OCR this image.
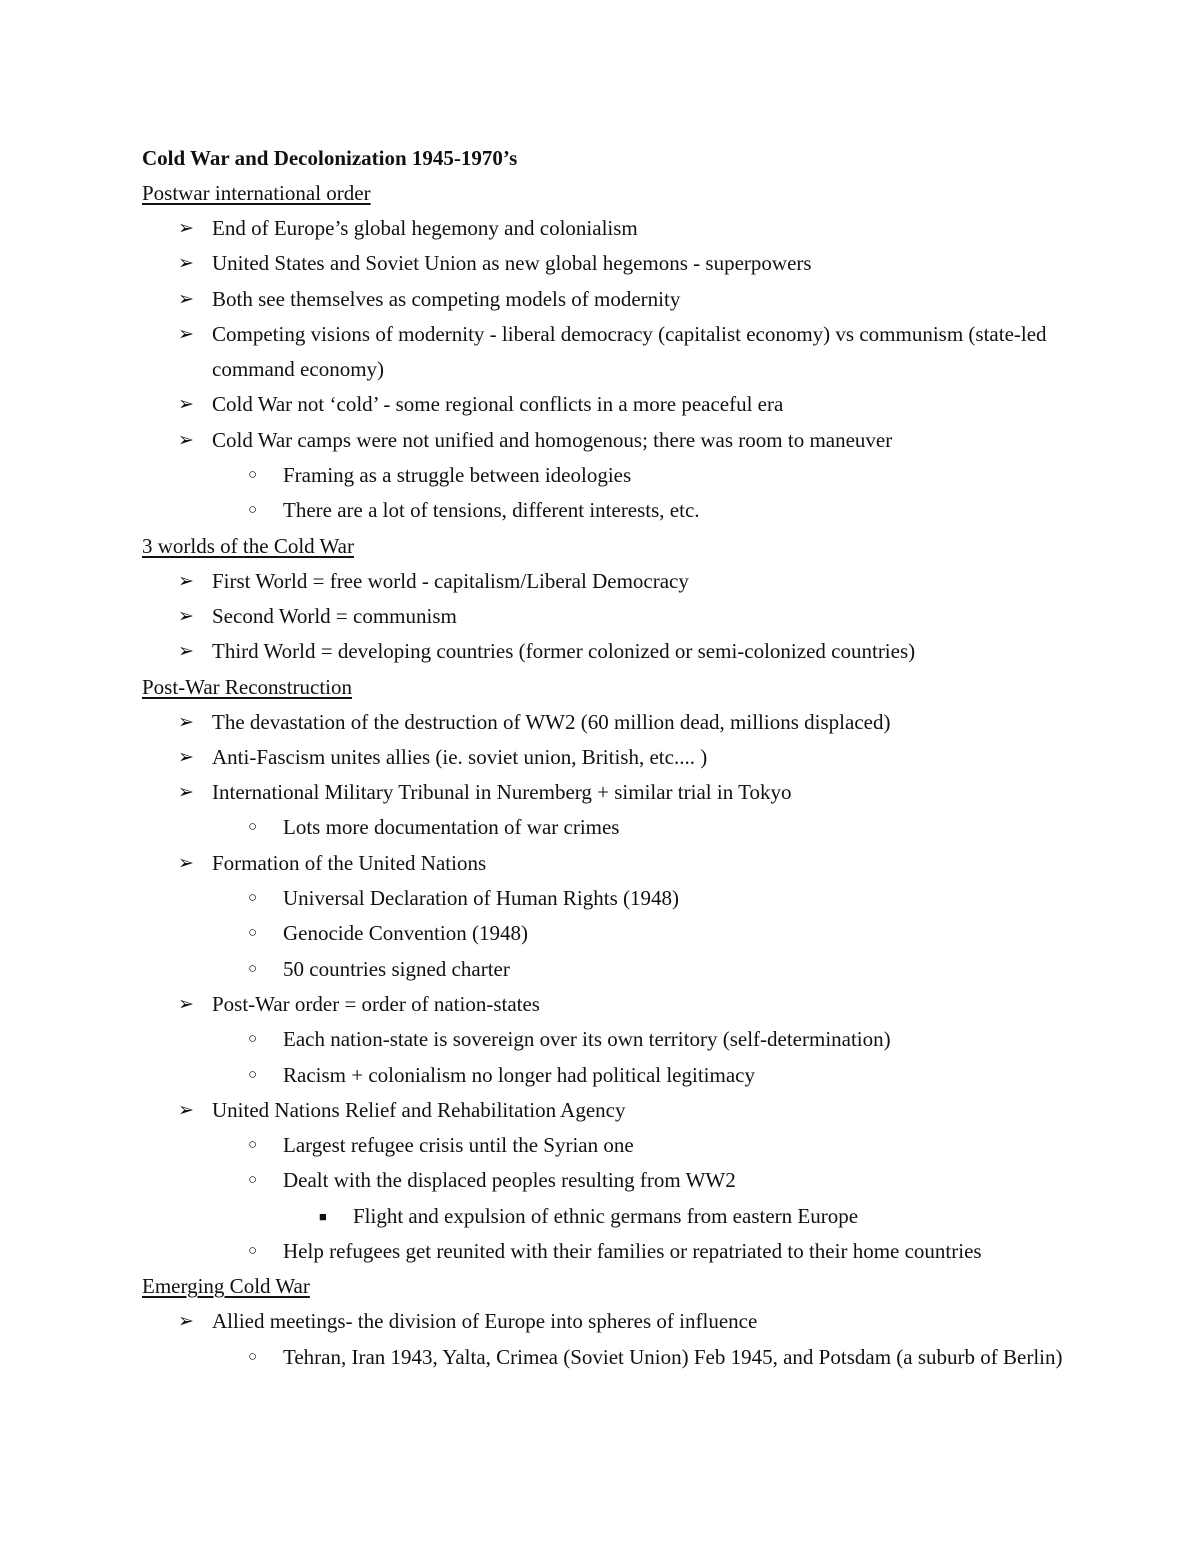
Cold War and Decolonization 1945-1970’s
Postwar international order
➢ End of Europe’s global hegemony and colonialism
➢ United States and Soviet Union as new global hegemons - superpowers
➢ Both see themselves as competing models of modernity
➢ Competing visions of modernity - liberal democracy (capitalist economy) vs communism (state-led command economy)
➢ Cold War not ‘cold’ - some regional conflicts in a more peaceful era
➢ Cold War camps were not unified and homogenous; there was room to maneuver
○ Framing as a struggle between ideologies
○ There are a lot of tensions, different interests, etc.
3 worlds of the Cold War
➢ First World = free world - capitalism/Liberal Democracy
➢ Second World = communism
➢ Third World = developing countries (former colonized or semi-colonized countries)
Post-War Reconstruction
➢ The devastation of the destruction of WW2 (60 million dead, millions displaced)
➢ Anti-Fascism unites allies (ie. soviet union, British, etc.... )
➢ International Military Tribunal in Nuremberg + similar trial in Tokyo
○ Lots more documentation of war crimes
➢ Formation of the United Nations
○ Universal Declaration of Human Rights (1948)
○ Genocide Convention (1948)
○ 50 countries signed charter
➢ Post-War order = order of nation-states
○ Each nation-state is sovereign over its own territory (self-determination)
○ Racism + colonialism no longer had political legitimacy
➢ United Nations Relief and Rehabilitation Agency
○ Largest refugee crisis until the Syrian one
○ Dealt with the displaced peoples resulting from WW2
■ Flight and expulsion of ethnic germans from eastern Europe
○ Help refugees get reunited with their families or repatriated to their home countries
Emerging Cold War
➢ Allied meetings- the division of Europe into spheres of influence
○ Tehran, Iran 1943, Yalta, Crimea (Soviet Union) Feb 1945, and Potsdam (a suburb of Berlin)
